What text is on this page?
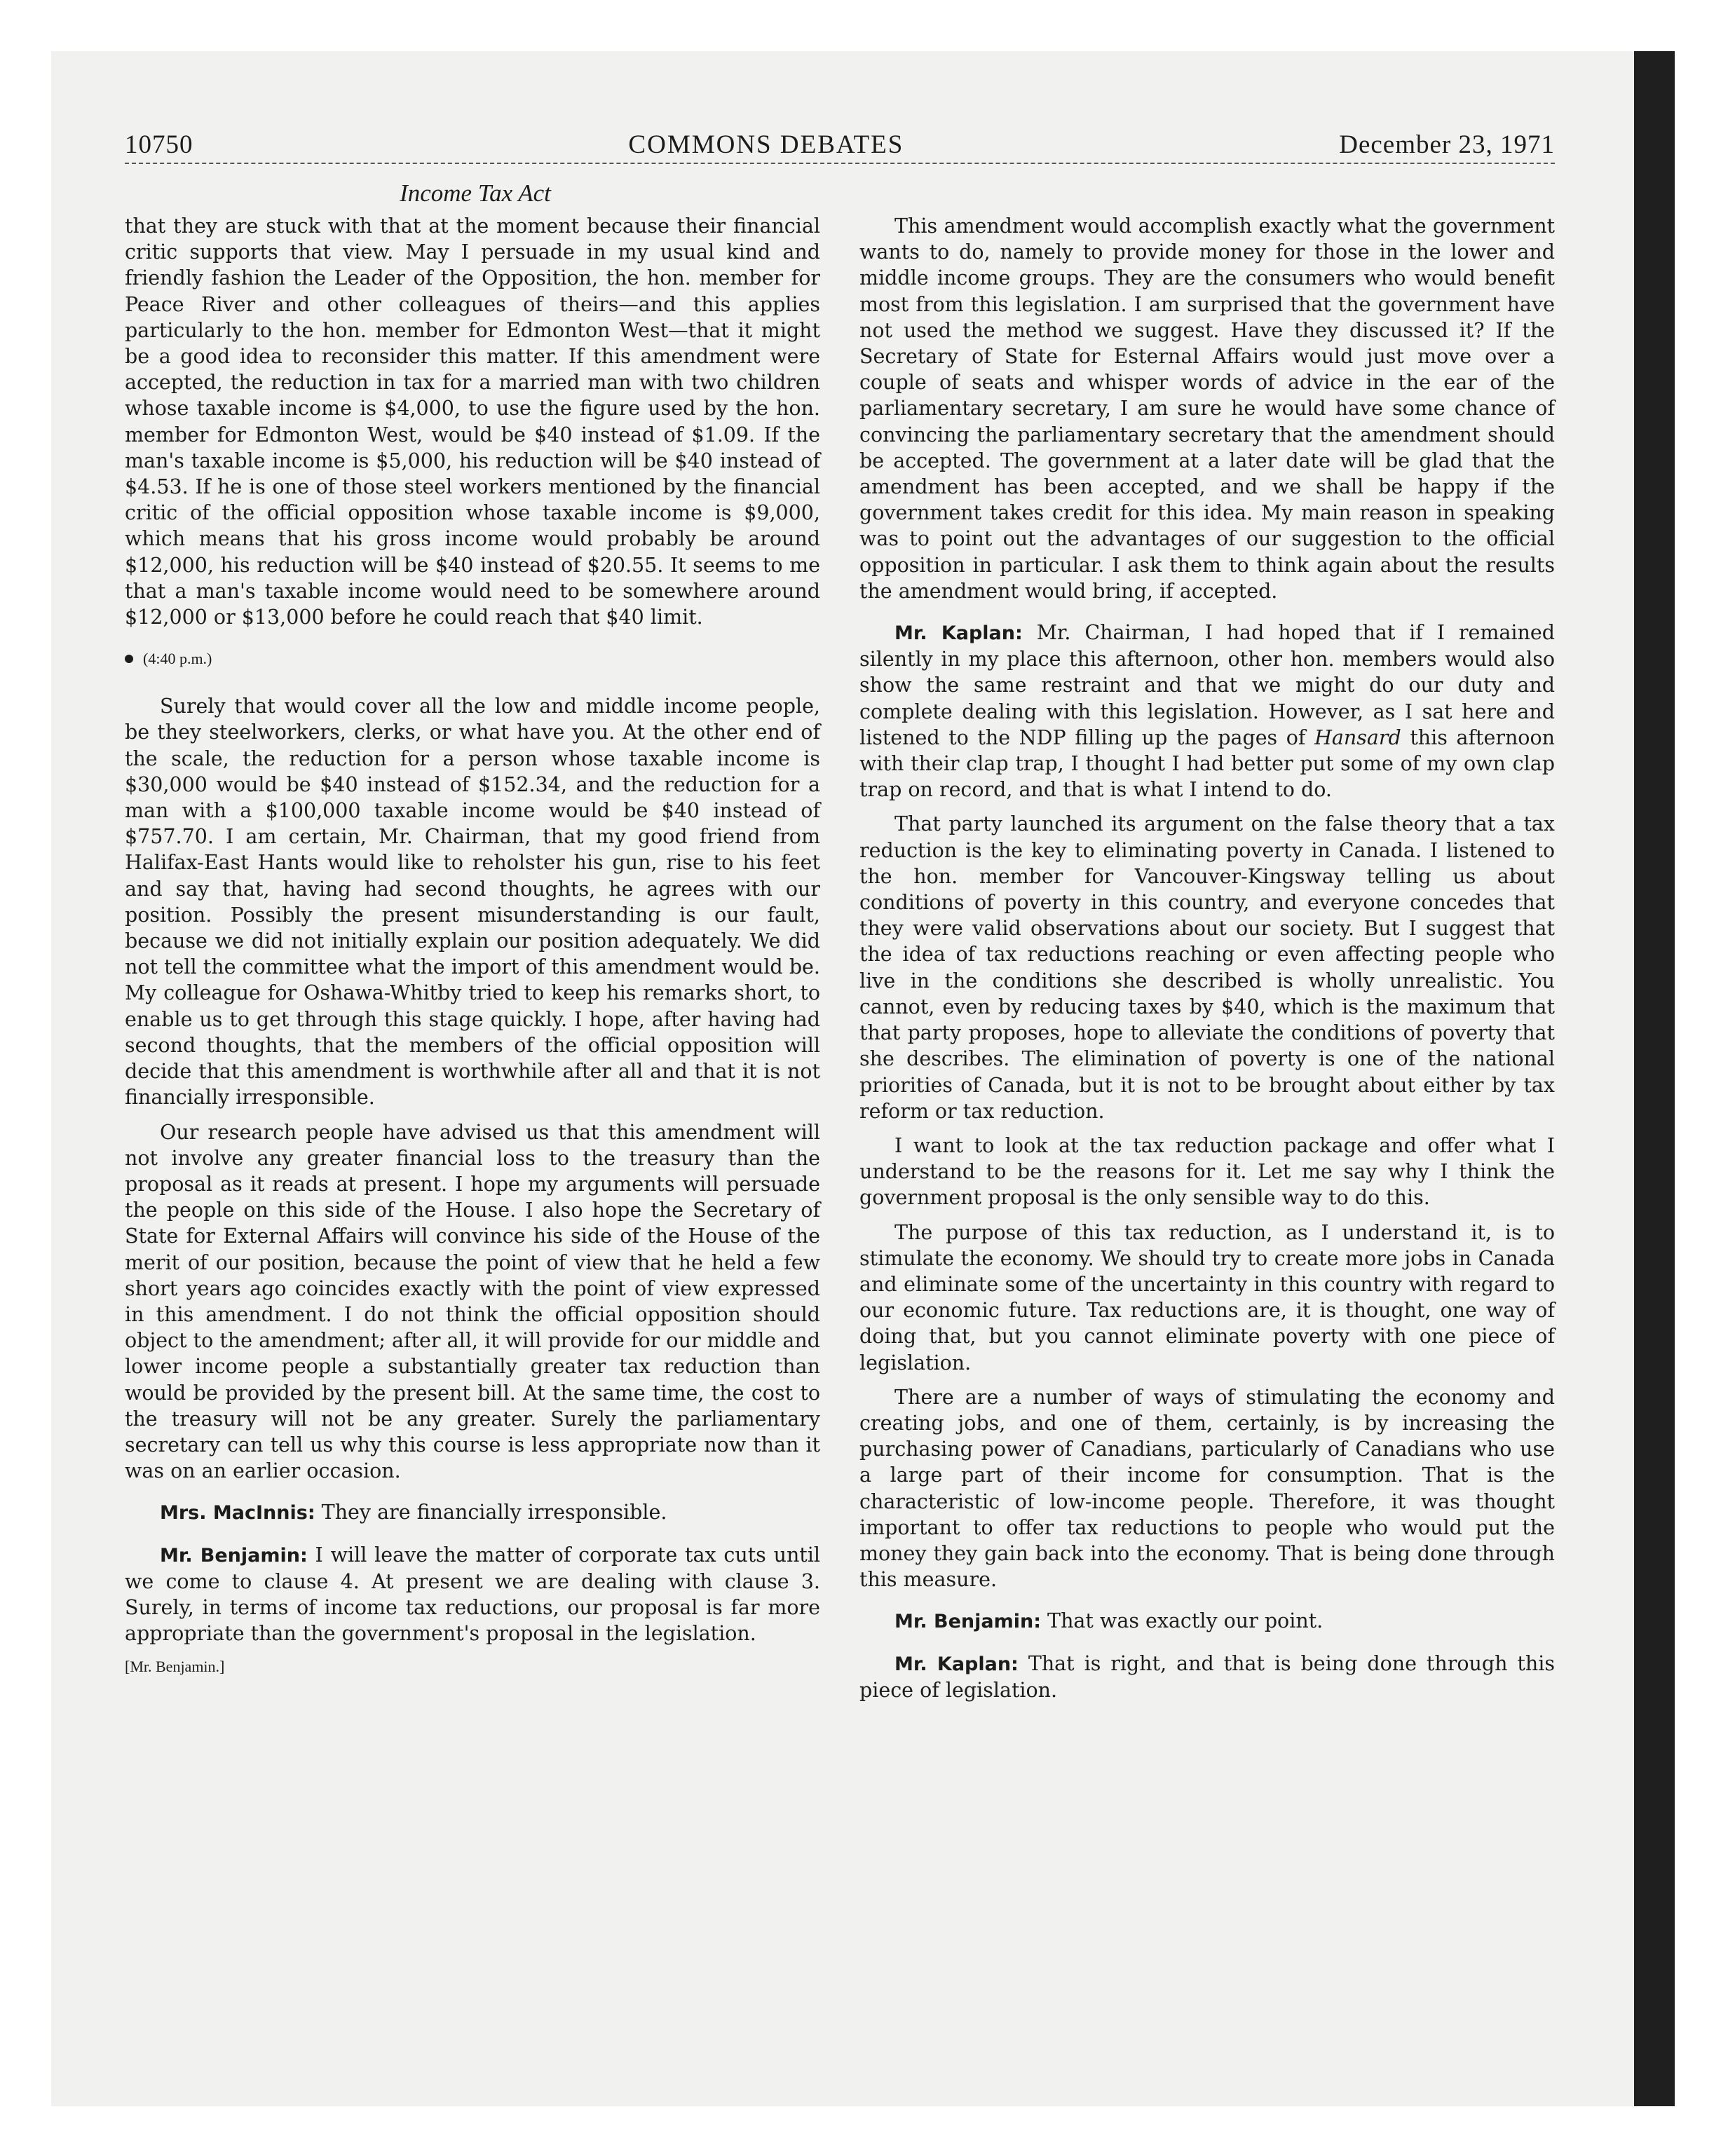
10750	COMMONS DEBATES	December 23, 1971
Income Tax Act

that they are stuck with that at the moment because their financial critic supports that view. May I persuade in my usual kind and friendly fashion the Leader of the Opposition, the hon. member for Peace River and other colleagues of theirs—and this applies particularly to the hon. member for Edmonton West—that it might be a good idea to reconsider this matter. If this amendment were accepted, the reduction in tax for a married man with two children whose taxable income is $4,000, to use the figure used by the hon. member for Edmonton West, would be $40 instead of $1.09. If the man's taxable income is $5,000, his reduction will be $40 instead of $4.53. If he is one of those steel workers mentioned by the financial critic of the official opposition whose taxable income is $9,000, which means that his gross income would probably be around $12,000, his reduction will be $40 instead of $20.55. It seems to me that a man's taxable income would need to be somewhere around $12,000 or $13,000 before he could reach that $40 limit.

(4:40 p.m.)

Surely that would cover all the low and middle income people, be they steelworkers, clerks, or what have you. At the other end of the scale, the reduction for a person whose taxable income is $30,000 would be $40 instead of $152.34, and the reduction for a man with a $100,000 taxable income would be $40 instead of $757.70. I am certain, Mr. Chairman, that my good friend from Halifax-East Hants would like to reholster his gun, rise to his feet and say that, having had second thoughts, he agrees with our position. Possibly the present misunderstanding is our fault, because we did not initially explain our position adequately. We did not tell the committee what the import of this amendment would be. My colleague for Oshawa-Whitby tried to keep his remarks short, to enable us to get through this stage quickly. I hope, after having had second thoughts, that the members of the official opposition will decide that this amendment is worthwhile after all and that it is not financially irresponsible.

Our research people have advised us that this amendment will not involve any greater financial loss to the treasury than the proposal as it reads at present. I hope my arguments will persuade the people on this side of the House. I also hope the Secretary of State for External Affairs will convince his side of the House of the merit of our position, because the point of view that he held a few short years ago coincides exactly with the point of view expressed in this amendment. I do not think the official opposition should object to the amendment; after all, it will provide for our middle and lower income people a substantially greater tax reduction than would be provided by the present bill. At the same time, the cost to the treasury will not be any greater. Surely the parliamentary secretary can tell us why this course is less appropriate now than it was on an earlier occasion.

Mrs. MacInnis: They are financially irresponsible.

Mr. Benjamin: I will leave the matter of corporate tax cuts until we come to clause 4. At present we are dealing with clause 3. Surely, in terms of income tax reductions, our proposal is far more appropriate than the government's proposal in the legislation.

[Mr. Benjamin.]

This amendment would accomplish exactly what the government wants to do, namely to provide money for those in the lower and middle income groups. They are the consumers who would benefit most from this legislation. I am surprised that the government have not used the method we suggest. Have they discussed it? If the Secretary of State for Esternal Affairs would just move over a couple of seats and whisper words of advice in the ear of the parliamentary secretary, I am sure he would have some chance of convincing the parliamentary secretary that the amendment should be accepted. The government at a later date will be glad that the amendment has been accepted, and we shall be happy if the government takes credit for this idea. My main reason in speaking was to point out the advantages of our suggestion to the official opposition in particular. I ask them to think again about the results the amendment would bring, if accepted.

Mr. Kaplan: Mr. Chairman, I had hoped that if I remained silently in my place this afternoon, other hon. members would also show the same restraint and that we might do our duty and complete dealing with this legislation. However, as I sat here and listened to the NDP filling up the pages of Hansard this afternoon with their clap trap, I thought I had better put some of my own clap trap on record, and that is what I intend to do.

That party launched its argument on the false theory that a tax reduction is the key to eliminating poverty in Canada. I listened to the hon. member for Vancouver-Kingsway telling us about conditions of poverty in this country, and everyone concedes that they were valid observations about our society. But I suggest that the idea of tax reductions reaching or even affecting people who live in the conditions she described is wholly unrealistic. You cannot, even by reducing taxes by $40, which is the maximum that that party proposes, hope to alleviate the conditions of poverty that she describes. The elimination of poverty is one of the national priorities of Canada, but it is not to be brought about either by tax reform or tax reduction.

I want to look at the tax reduction package and offer what I understand to be the reasons for it. Let me say why I think the government proposal is the only sensible way to do this.

The purpose of this tax reduction, as I understand it, is to stimulate the economy. We should try to create more jobs in Canada and eliminate some of the uncertainty in this country with regard to our economic future. Tax reductions are, it is thought, one way of doing that, but you cannot eliminate poverty with one piece of legislation.

There are a number of ways of stimulating the economy and creating jobs, and one of them, certainly, is by increasing the purchasing power of Canadians, particularly of Canadians who use a large part of their income for consumption. That is the characteristic of low-income people. Therefore, it was thought important to offer tax reductions to people who would put the money they gain back into the economy. That is being done through this measure.

Mr. Benjamin: That was exactly our point.

Mr. Kaplan: That is right, and that is being done through this piece of legislation.
